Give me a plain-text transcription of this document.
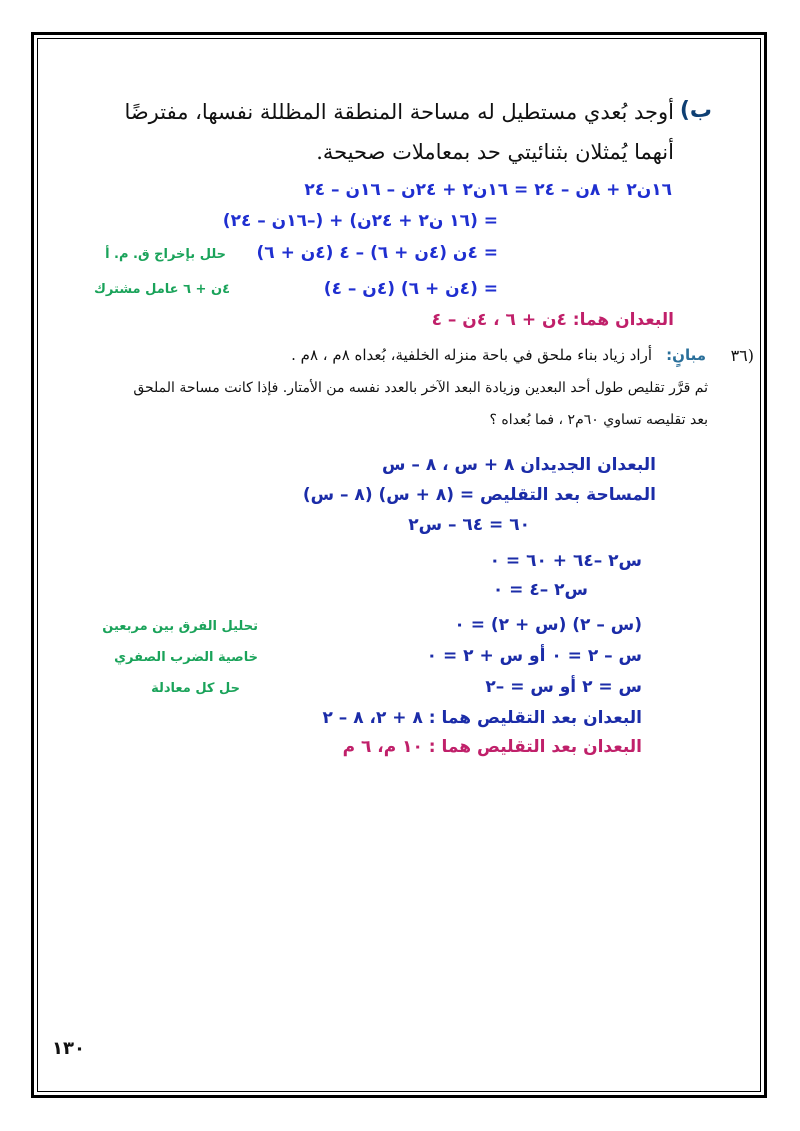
ب)
أوجد بُعدي مستطيل له مساحة المنطقة المظللة نفسها، مفترضًا
أنهما يُمثلان بثنائيتي حد بمعاملات صحيحة.
١٦ن٢ + ٨ن – ٢٤ = ١٦ن٢ + ٢٤ن – ١٦ن – ٢٤
= (١٦ ن٢ + ٢٤ن) + (–١٦ن – ٢٤)
= ٤ن (٤ن + ٦) – ٤ (٤ن + ٦)
حلل بإخراج ق. م. أ
= (٤ن + ٦) (٤ن – ٤)
٤ن + ٦ عامل مشترك
البعدان هما: ٤ن + ٦ ، ٤ن – ٤
٣٦)
مبانٍ:
أراد زياد بناء ملحق في باحة منزله الخلفية، بُعداه ٨م ، ٨م .
ثم قرَّر تقليص طول أحد البعدين وزيادة البعد الآخر بالعدد نفسه من الأمتار. فإذا كانت مساحة الملحق
بعد تقليصه تساوي ٦٠م٢ ، فما بُعداه ؟
البعدان الجديدان ٨ + س ، ٨ – س
المساحة بعد التقليص = (٨ + س) (٨ – س)
٦٠ = ٦٤ – س٢
س٢ –٦٤ + ٦٠ = ٠
س٢ –٤ = ٠
(س – ٢) (س + ٢) = ٠
تحليل الفرق بين مربعين
س – ٢ = ٠ أو س + ٢ = ٠
خاصية الضرب الصفري
س = ٢ أو س = –٢
حل كل معادلة
البعدان بعد التقليص هما : ٨ + ٢، ٨ – ٢
البعدان بعد التقليص هما : ١٠ م، ٦ م
١٣٠
